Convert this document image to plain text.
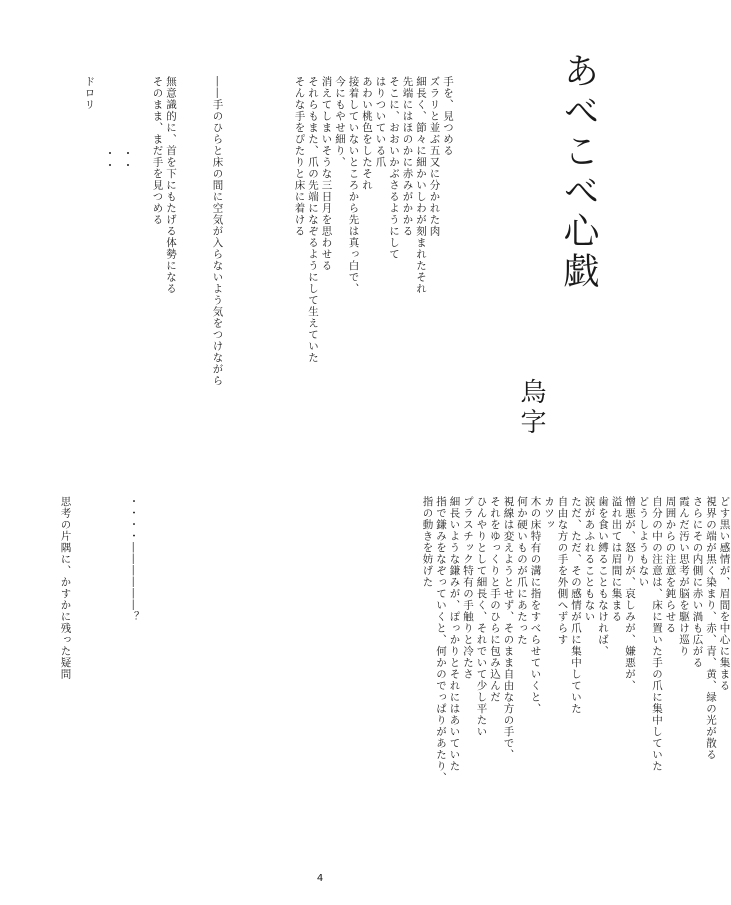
あべこべ心戯
烏字
手を、見つめる
ズラリと並ぶ五又に分かれた肉
細長く、節々に細かいしわが刻まれたそれ
先端にはほのかに赤みがかかる
そこに、おおいかぶさるようにして
はりついている爪
あわい桃色をしたそれ
接着していないところから先は真っ白で、
今にもやせ細り、
消えてしまいそうな三日月を思わせる
それらもまた、爪の先端になぞるようにして生えていた
そんな手をぴたりと床に着ける
――手のひらと床の間に空気が入らないよう気をつけながら
無意識的に、首を下にもたげる体勢になる
そのまま、まだ手を見つめる
ドロリ
・
・
・
・
どす黒い感情が、眉間を中心に集まる
視界の端が黒く染まり、赤、青、黄、緑の光が散る
さらにその内側に赤い渦も広がる
霞んだ汚い思考が脳を駆け巡り
周囲からの注意を鈍らせる
自分の中の注意は、床に置いた手の爪に集中していた
どうしようもない
憎悪が、怒りが、哀しみが、嫌悪が、
溢れ出ては眉間に集まる
歯を食い縛ることもなければ、
涙があふれることもない
ただ、ただ、その感情が爪に集中していた
自由な方の手を外側へずらす
カツッ
木の床特有の溝に指をすべらせていくと、
何か硬いものが爪にあたった
視線は変えようとせず、そのまま自由な方の手で、
それをゆっくりと手のひらに包み込んだ
ひんやりとして細長く、それでいて少し平たい
プラスチック特有の手触りと冷たさ
細長いような鎌みが、ぽっかりとそれにはあいていた
指で鎌みをなぞっていくと、何かのでっぱりがあたり、
指の動きを妨げた
・・・・――――――？
思考の片隅に、かすかに残った疑問
4
